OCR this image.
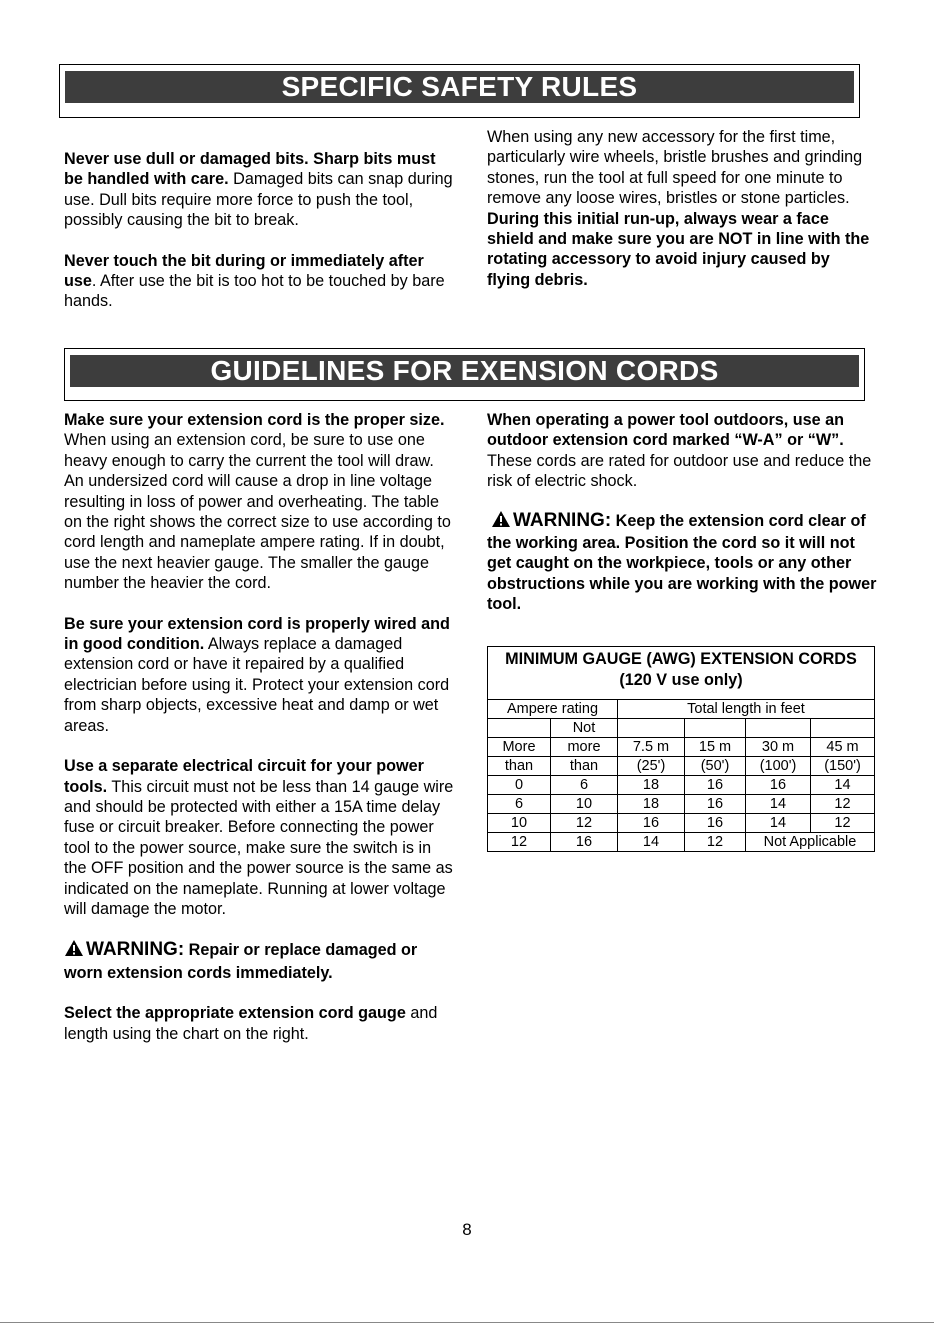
SPECIFIC SAFETY RULES

Never use dull or damaged bits. Sharp bits must be handled with care. Damaged bits can snap during use. Dull bits require more force to push the tool, possibly causing the bit to break.

Never touch the bit during or immediately after use. After use the bit is too hot to be touched by bare hands.

When using any new accessory for the first time, particularly wire wheels, bristle brushes and grinding stones, run the tool at full speed for one minute to remove any loose wires, bristles or stone particles. During this initial run-up, always wear a face shield and make sure you are NOT in line with the rotating accessory to avoid injury caused by flying debris.

GUIDELINES FOR EXENSION CORDS

Make sure your extension cord is the proper size. When using an extension cord, be sure to use one heavy enough to carry the current the tool will draw. An undersized cord will cause a drop in line voltage resulting in loss of power and overheating. The table on the right shows the correct size to use according to cord length and nameplate ampere rating. If in doubt, use the next heavier gauge. The smaller the gauge number the heavier the cord.

Be sure your extension cord is properly wired and in good condition. Always replace a damaged extension cord or have it repaired by a qualified electrician before using it. Protect your extension cord from sharp objects, excessive heat and damp or wet areas.

Use a separate electrical circuit for your power tools. This circuit must not be less than 14 gauge wire and should be protected with either a 15A time delay fuse or circuit breaker. Before connecting the power tool to the power source, make sure the switch is in the OFF position and the power source is the same as indicated on the nameplate. Running at lower voltage will damage the motor.

WARNING: Repair or replace damaged or worn extension cords immediately.

Select the appropriate extension cord gauge and length using the chart on the right.

When operating a power tool outdoors, use an outdoor extension cord marked “W-A” or “W”. These cords are rated for outdoor use and reduce the risk of electric shock.

WARNING: Keep the extension cord clear of the working area. Position the cord so it will not get caught on the workpiece, tools or any other obstructions while you are working with the power tool.

MINIMUM GAUGE (AWG) EXTENSION CORDS (120 V use only)					
Ampere rating		Total length in feet			
	Not				
More	more	7.5 m	15 m	30 m	45 m
than	than	(25')	(50')	(100')	(150')
0	6	18	16	16	14
6	10	18	16	14	12
10	12	16	16	14	12
12	16	14	12	Not Applicable	
8
